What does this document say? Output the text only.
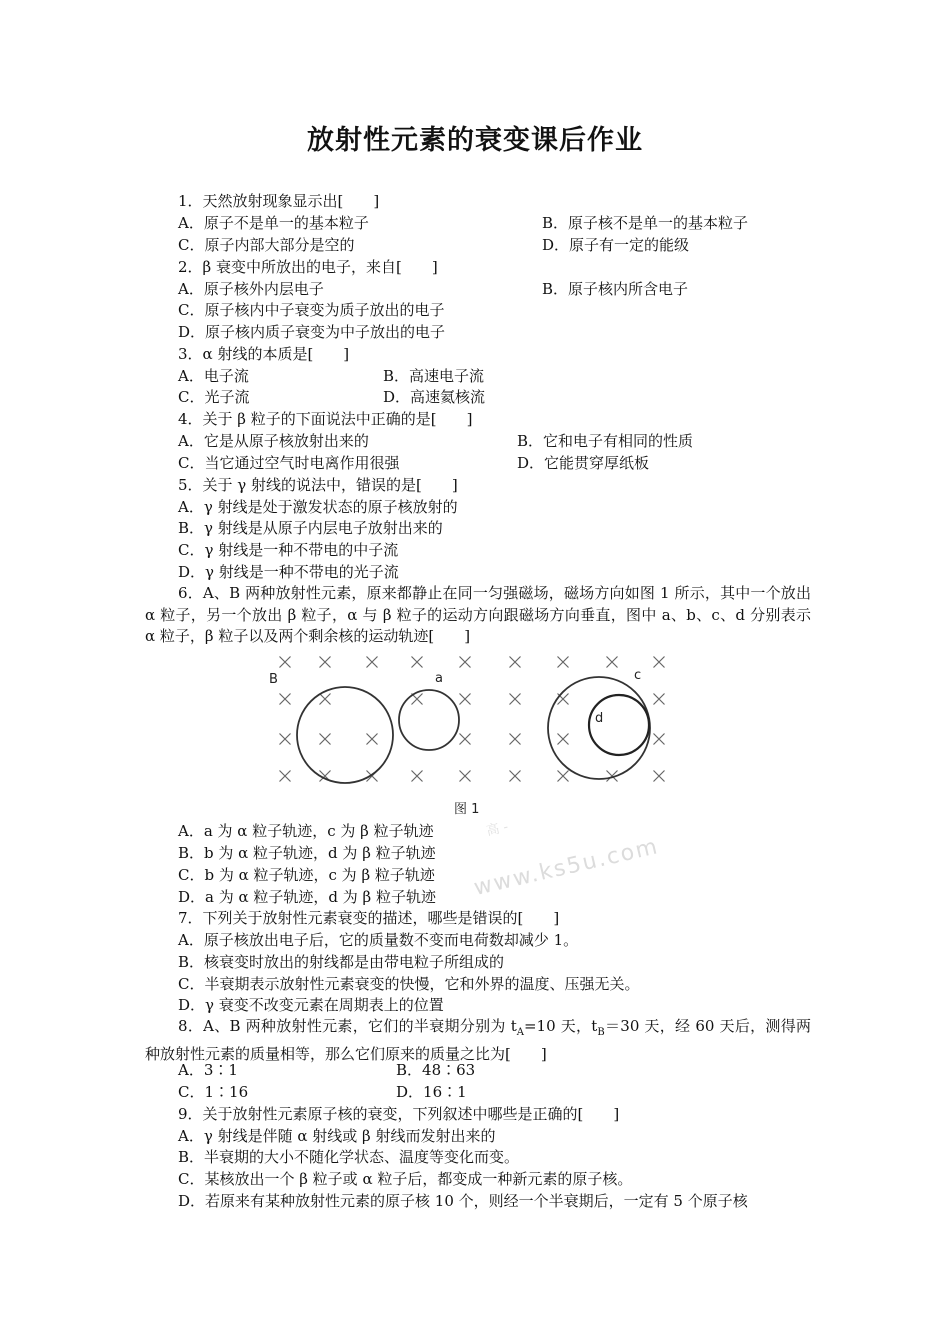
放射性元素的衰变课后作业

1．天然放射现象显示出[　　]

A．原子不是单一的基本粒子	B．原子核不是单一的基本粒子

C．原子内部大部分是空的	D．原子有一定的能级

2．β 衰变中所放出的电子，来自[　　]

A．原子核外内层电子	B．原子核内所含电子

C．原子核内中子衰变为质子放出的电子

D．原子核内质子衰变为中子放出的电子

3．α 射线的本质是[　　]

A．电子流	B．高速电子流

C．光子流	D．高速氦核流

4．关于 β 粒子的下面说法中正确的是[　　]

A．它是从原子核放射出来的	B．它和电子有相同的性质

C．当它通过空气时电离作用很强	D．它能贯穿厚纸板

5．关于 γ 射线的说法中，错误的是[　　]

A．γ 射线是处于激发状态的原子核放射的

B．γ 射线是从原子内层电子放射出来的

C．γ 射线是一种不带电的中子流

D．γ 射线是一种不带电的光子流

6．A、B 两种放射性元素，原来都静止在同一匀强磁场，磁场方向如图 1 所示，其中一个放出 α 粒子，另一个放出 β 粒子，α 与 β 粒子的运动方向跟磁场方向垂直，图中 a、b、c、d 分别表示 α 粒子，β 粒子以及两个剩余核的运动轨迹[　　]

B	a	c
d
图 1
高 -
www.ks5u.com

A．a 为 α 粒子轨迹，c 为 β 粒子轨迹

B．b 为 α 粒子轨迹，d 为 β 粒子轨迹

C．b 为 α 粒子轨迹，c 为 β 粒子轨迹

D．a 为 α 粒子轨迹，d 为 β 粒子轨迹

7．下列关于放射性元素衰变的描述，哪些是错误的[　　]

A．原子核放出电子后，它的质量数不变而电荷数却减少 1。

B．核衰变时放出的射线都是由带电粒子所组成的

C．半衰期表示放射性元素衰变的快慢，它和外界的温度、压强无关。

D．γ 衰变不改变元素在周期表上的位置

8．A、B 两种放射性元素，它们的半衰期分别为 $t_A=10$ 天，$t_B=30$ 天，经 60 天后，测得两种放射性元素的质量相等，那么它们原来的质量之比为[　　]

A．3∶1	B．48∶63

C．1∶16	D．16∶1

9．关于放射性元素原子核的衰变，下列叙述中哪些是正确的[　　]

A．γ 射线是伴随 α 射线或 β 射线而发射出来的

B．半衰期的大小不随化学状态、温度等变化而变。

C．某核放出一个 β 粒子或 α 粒子后，都变成一种新元素的原子核。

D．若原来有某种放射性元素的原子核 10 个，则经一个半衰期后，一定有 5 个原子核
